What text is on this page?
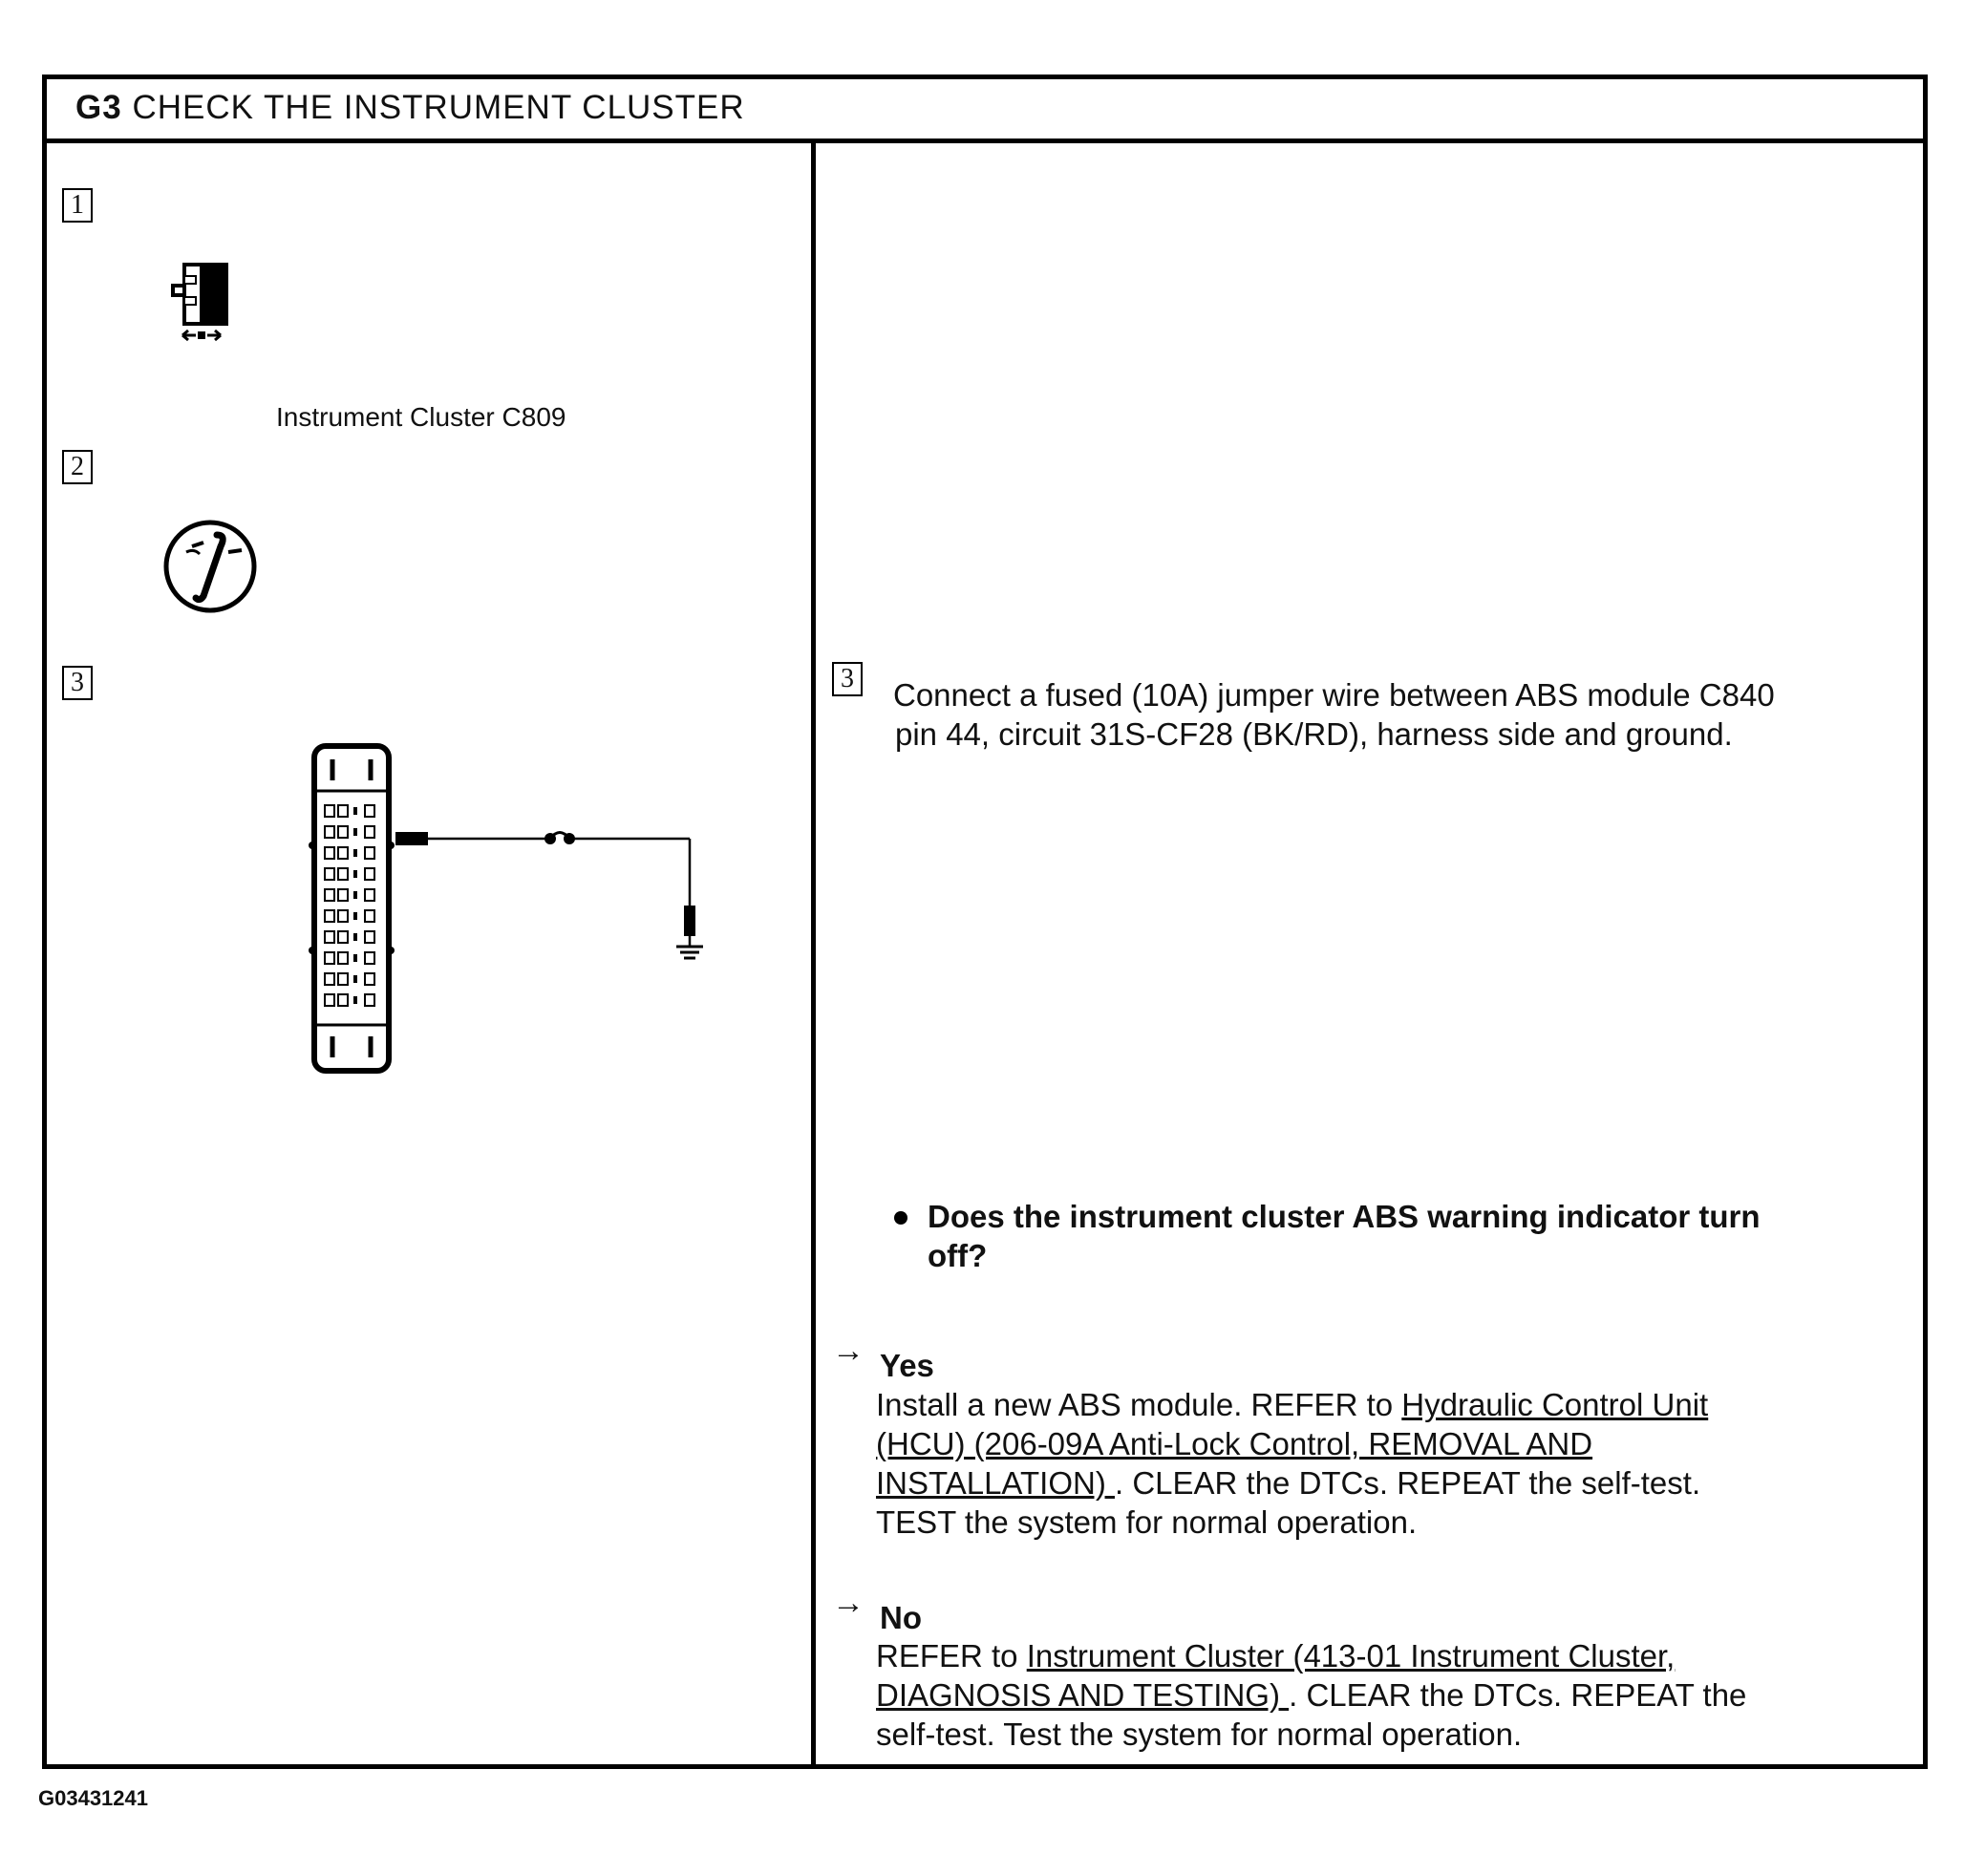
G3 CHECK THE INSTRUMENT CLUSTER
1
Instrument Cluster C809
2
3	3 Connect a fused (10A) jumper wire between ABS module C840
pin 44, circuit 31S-CF28 (BK/RD), harness side and ground.
Does the instrument cluster ABS warning indicator turn
off?
→ Yes
Install a new ABS module. REFER to Hydraulic Control Unit
(HCU) (206-09A Anti-Lock Control, REMOVAL AND
INSTALLATION) . CLEAR the DTCs. REPEAT the self-test.
TEST the system for normal operation.
→ No
REFER to Instrument Cluster (413-01 Instrument Cluster,
DIAGNOSIS AND TESTING) . CLEAR the DTCs. REPEAT the
self-test. Test the system for normal operation.
G03431241
